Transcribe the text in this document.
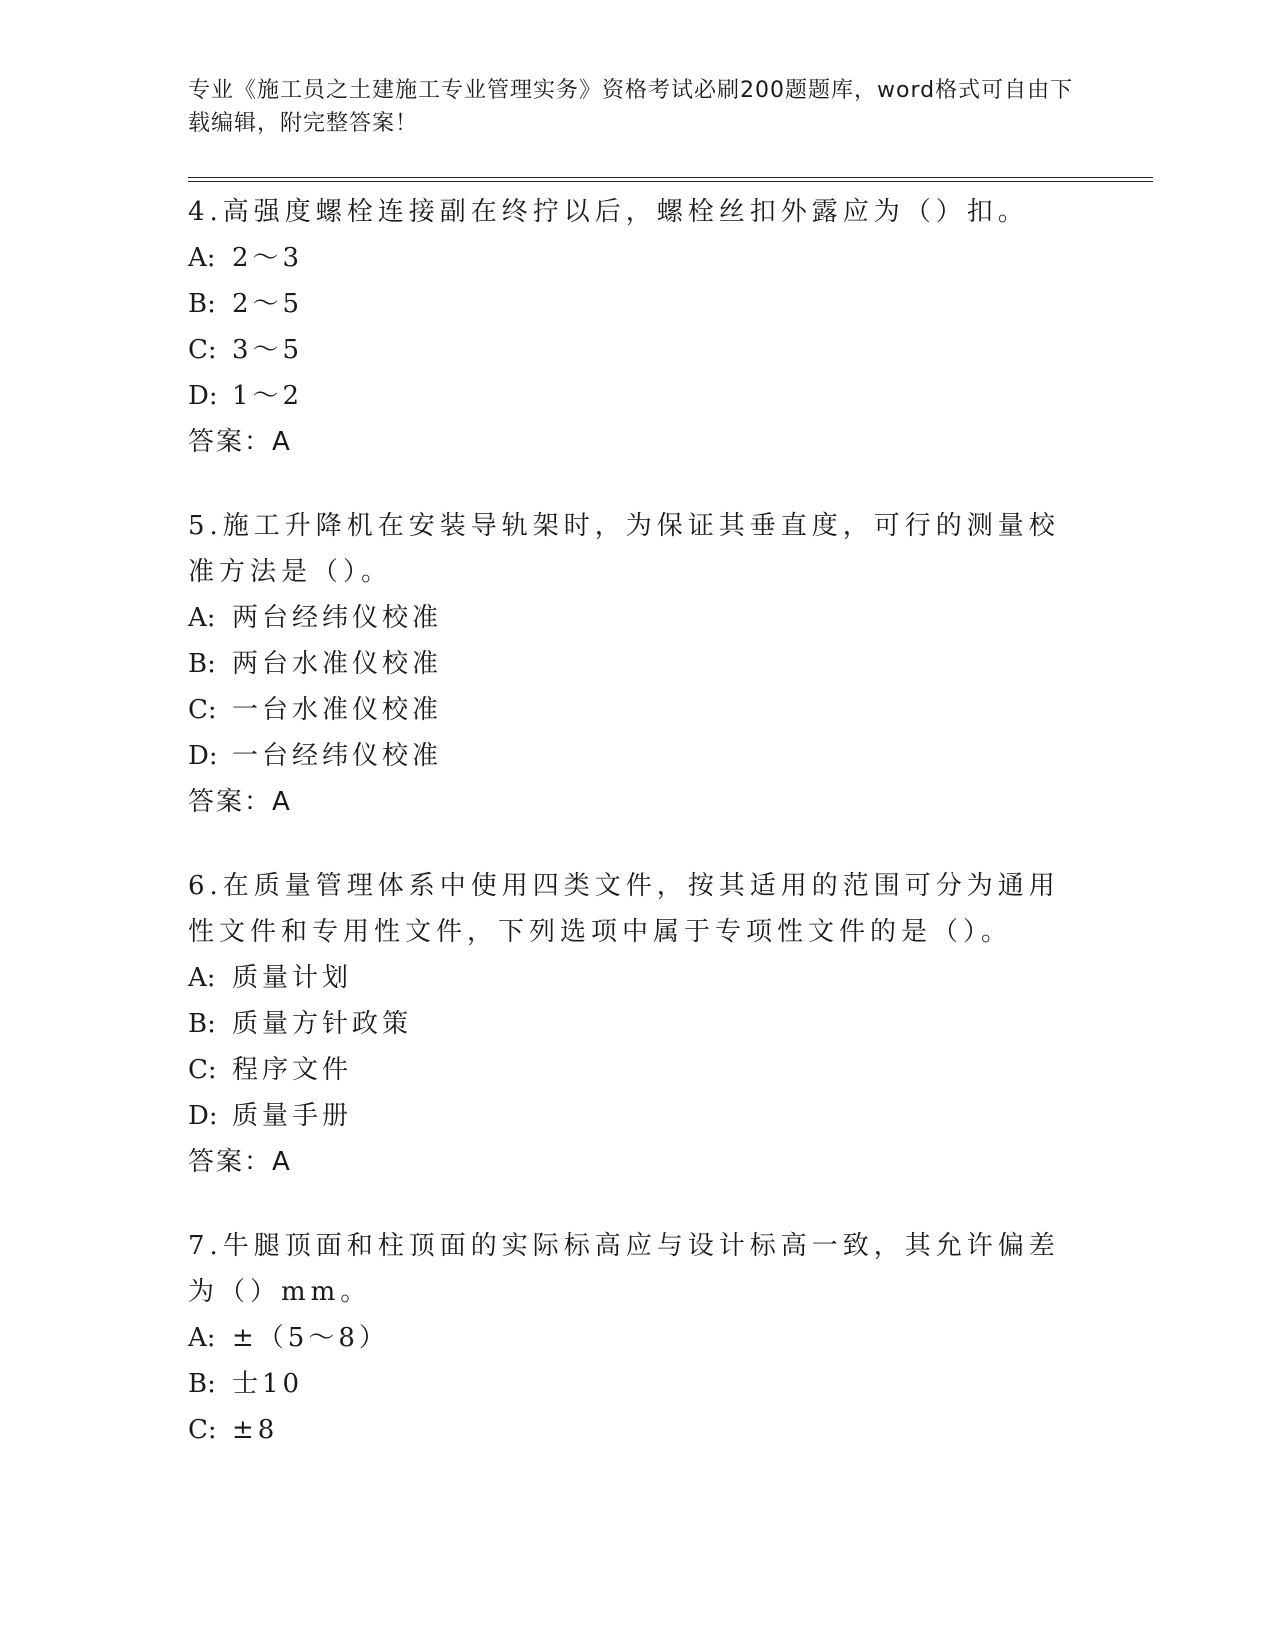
专业《施工员之土建施工专业管理实务》资格考试必刷200题题库，word格式可自由下载编辑，附完整答案！
4.高强度螺栓连接副在终拧以后，螺栓丝扣外露应为（）扣。
A: 2～3
B: 2～5
C: 3～5
D: 1～2
答案：A
5.施工升降机在安装导轨架时，为保证其垂直度，可行的测量校准方法是（）。
A: 两台经纬仪校准
B: 两台水准仪校准
C: 一台水准仪校准
D: 一台经纬仪校准
答案：A
6.在质量管理体系中使用四类文件，按其适用的范围可分为通用性文件和专用性文件，下列选项中属于专项性文件的是（）。
A: 质量计划
B: 质量方针政策
C: 程序文件
D: 质量手册
答案：A
7.牛腿顶面和柱顶面的实际标高应与设计标高一致，其允许偏差为（）mm。
A: ±（5～8）
B: 士10
C: ±8
